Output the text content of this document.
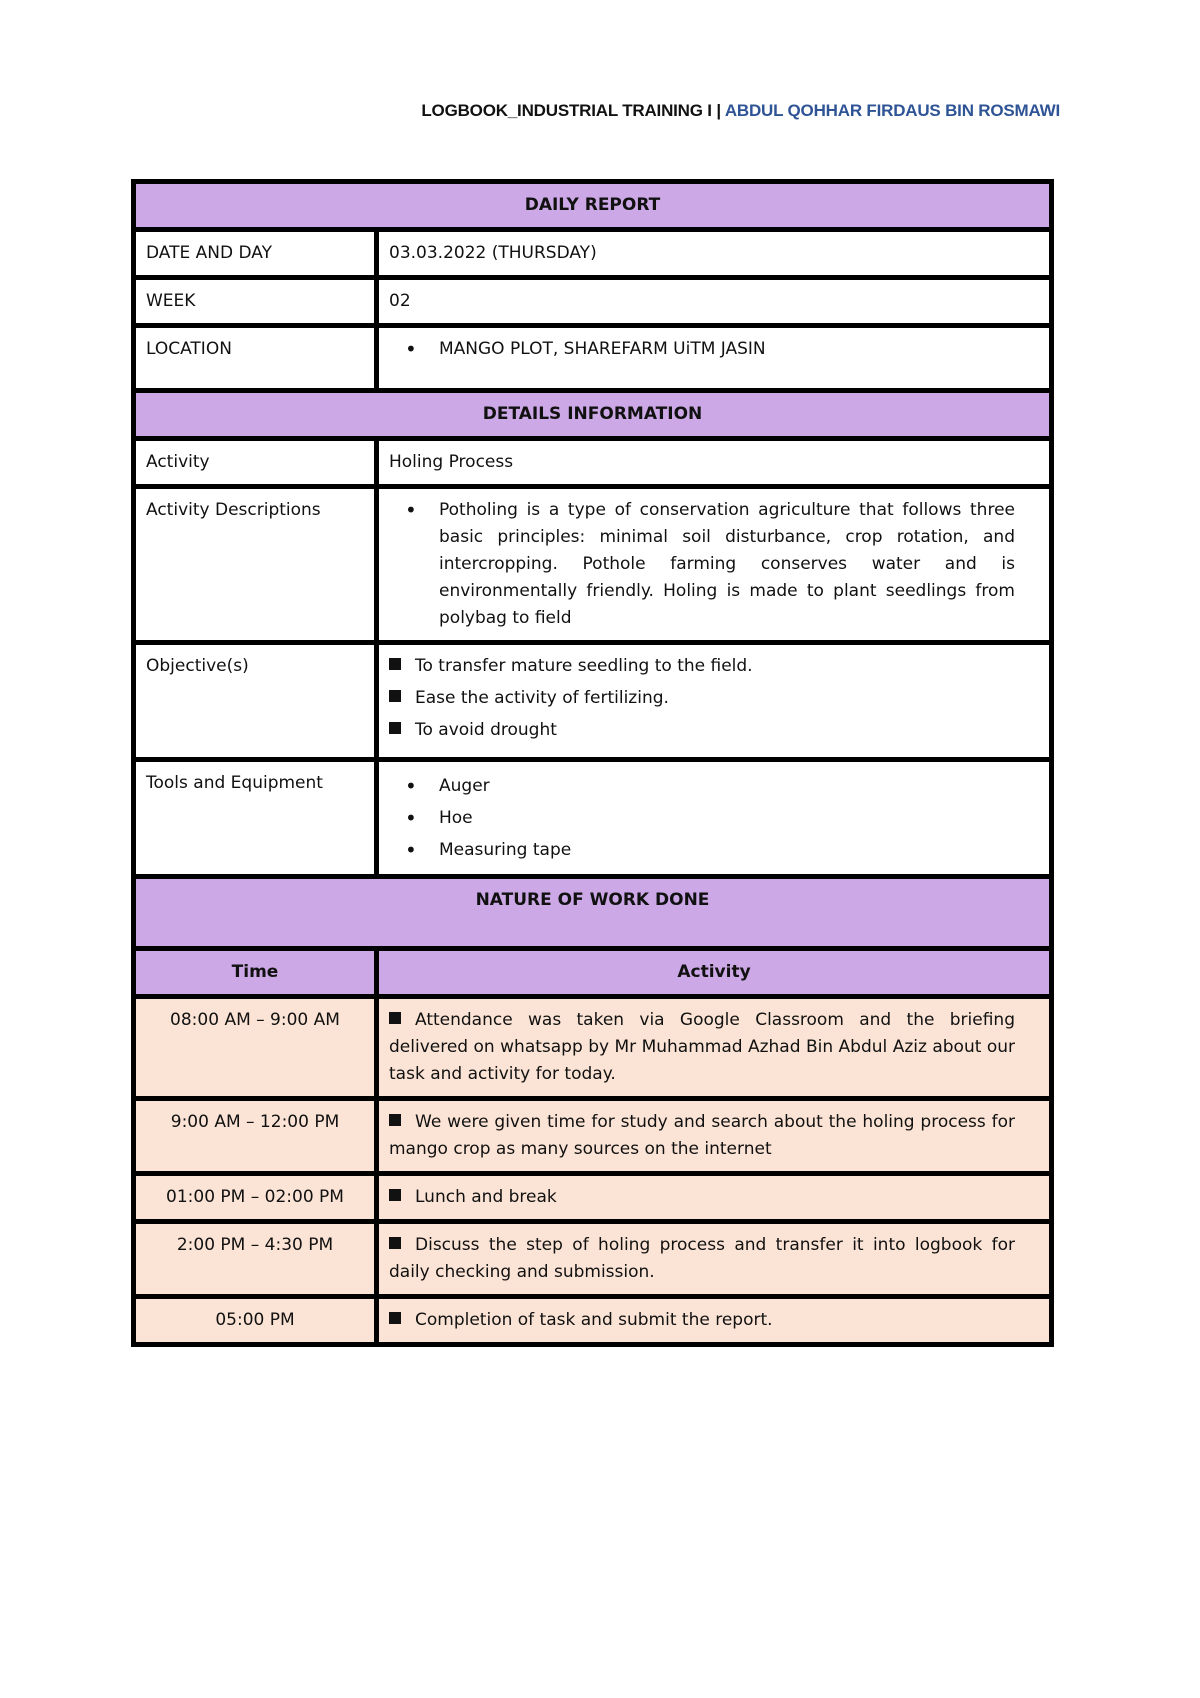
LOGBOOK_INDUSTRIAL TRAINING I | ABDUL QOHHAR FIRDAUS BIN ROSMAWI
DAILY REPORT
DATE AND DAY	03.03.2022 (THURSDAY)
WEEK	02
LOCATION	• MANGO PLOT, SHAREFARM UiTM JASIN
DETAILS INFORMATION
Activity	Holing Process
Activity Descriptions	• Potholing is a type of conservation agriculture that follows three basic principles: minimal soil disturbance, crop rotation, and intercropping. Pothole farming conserves water and is environmentally friendly. Holing is made to plant seedlings from polybag to field
Objective(s)	To transfer mature seedling to the field.
Ease the activity of fertilizing.
To avoid drought
Tools and Equipment	• Auger
• Hoe
• Measuring tape
NATURE OF WORK DONE
Time	Activity
08:00 AM – 9:00 AM	Attendance was taken via Google Classroom and the briefing delivered on whatsapp by Mr Muhammad Azhad Bin Abdul Aziz about our task and activity for today.
9:00 AM – 12:00 PM	We were given time for study and search about the holing process for mango crop as many sources on the internet
01:00 PM – 02:00 PM	Lunch and break
2:00 PM – 4:30 PM	Discuss the step of holing process and transfer it into logbook for daily checking and submission.
05:00 PM	Completion of task and submit the report.
